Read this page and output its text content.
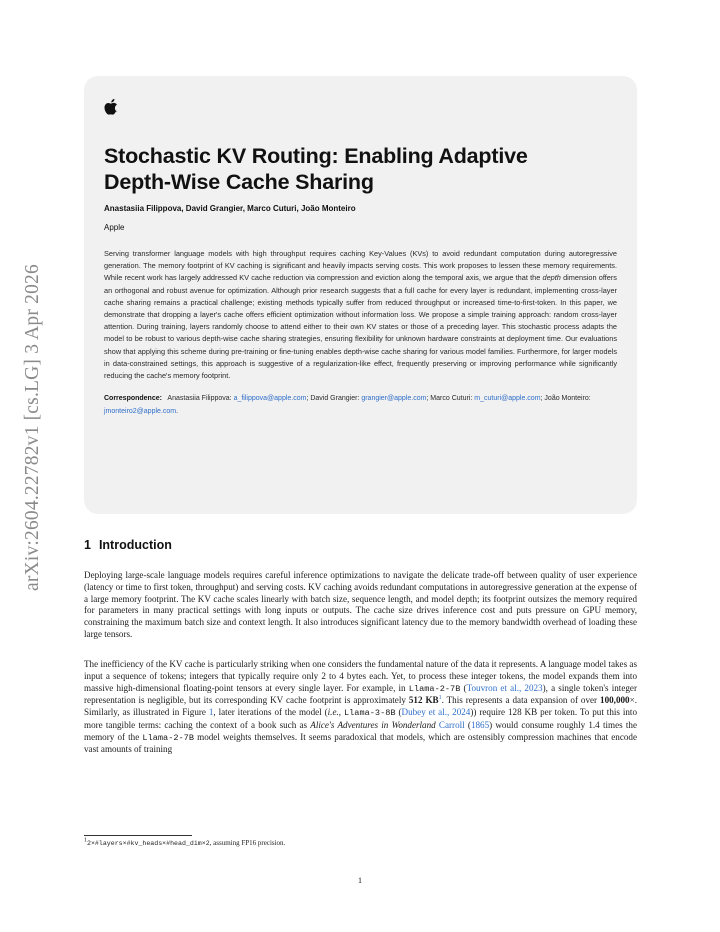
arXiv:2604.22782v1 [cs.LG] 3 Apr 2026
Stochastic KV Routing: Enabling Adaptive
Depth-Wise Cache Sharing
Anastasiia Filippova, David Grangier, Marco Cuturi, João Monteiro
Apple
Serving transformer language models with high throughput requires caching Key-Values (KVs) to avoid redundant computation during autoregressive generation. The memory footprint of KV caching is significant and heavily impacts serving costs. This work proposes to lessen these memory requirements. While recent work has largely addressed KV cache reduction via compression and eviction along the temporal axis, we argue that the depth dimension offers an orthogonal and robust avenue for optimization. Although prior research suggests that a full cache for every layer is redundant, implementing cross-layer cache sharing remains a practical challenge; existing methods typically suffer from reduced throughput or increased time-to-first-token. In this paper, we demonstrate that dropping a layer's cache offers efficient optimization without information loss. We propose a simple training approach: random cross-layer attention. During training, layers randomly choose to attend either to their own KV states or those of a preceding layer. This stochastic process adapts the model to be robust to various depth-wise cache sharing strategies, ensuring flexibility for unknown hardware constraints at deployment time. Our evaluations show that applying this scheme during pre-training or fine-tuning enables depth-wise cache sharing for various model families. Furthermore, for larger models in data-constrained settings, this approach is suggestive of a regularization-like effect, frequently preserving or improving performance while significantly reducing the cache's memory footprint.
Correspondence: Anastasiia Filippova: a_filippova@apple.com; David Grangier: grangier@apple.com; Marco Cuturi: m_cuturi@apple.com; João Monteiro: jmonteiro2@apple.com.
1 Introduction

Deploying large-scale language models requires careful inference optimizations to navigate the delicate trade-off between quality of user experience (latency or time to first token, throughput) and serving costs. KV caching avoids redundant computations in autoregressive generation at the expense of a large memory footprint. The KV cache scales linearly with batch size, sequence length, and model depth; its footprint outsizes the memory required for parameters in many practical settings with long inputs or outputs. The cache size drives inference cost and puts pressure on GPU memory, constraining the maximum batch size and context length. It also introduces significant latency due to the memory bandwidth overhead of loading these large tensors.

The inefficiency of the KV cache is particularly striking when one considers the fundamental nature of the data it represents. A language model takes as input a sequence of tokens; integers that typically require only 2 to 4 bytes each. Yet, to process these integer tokens, the model expands them into massive high-dimensional floating-point tensors at every single layer. For example, in Llama-2-7B (Touvron et al., 2023), a single token's integer representation is negligible, but its corresponding KV cache footprint is approximately 512 KB$^1$. This represents a data expansion of over 100,000×. Similarly, as illustrated in Figure 1, later iterations of the model (i.e., Llama-3-8B (Dubey et al., 2024)) require 128 KB per token. To put this into more tangible terms: caching the context of a book such as Alice's Adventures in Wonderland Carroll (1865) would consume roughly 1.4 times the memory of the Llama-2-7B model weights themselves. It seems paradoxical that models, which are ostensibly compression machines that encode vast amounts of training

12×#layers×#kv_heads×#head_dim×2, assuming FP16 precision.
1
